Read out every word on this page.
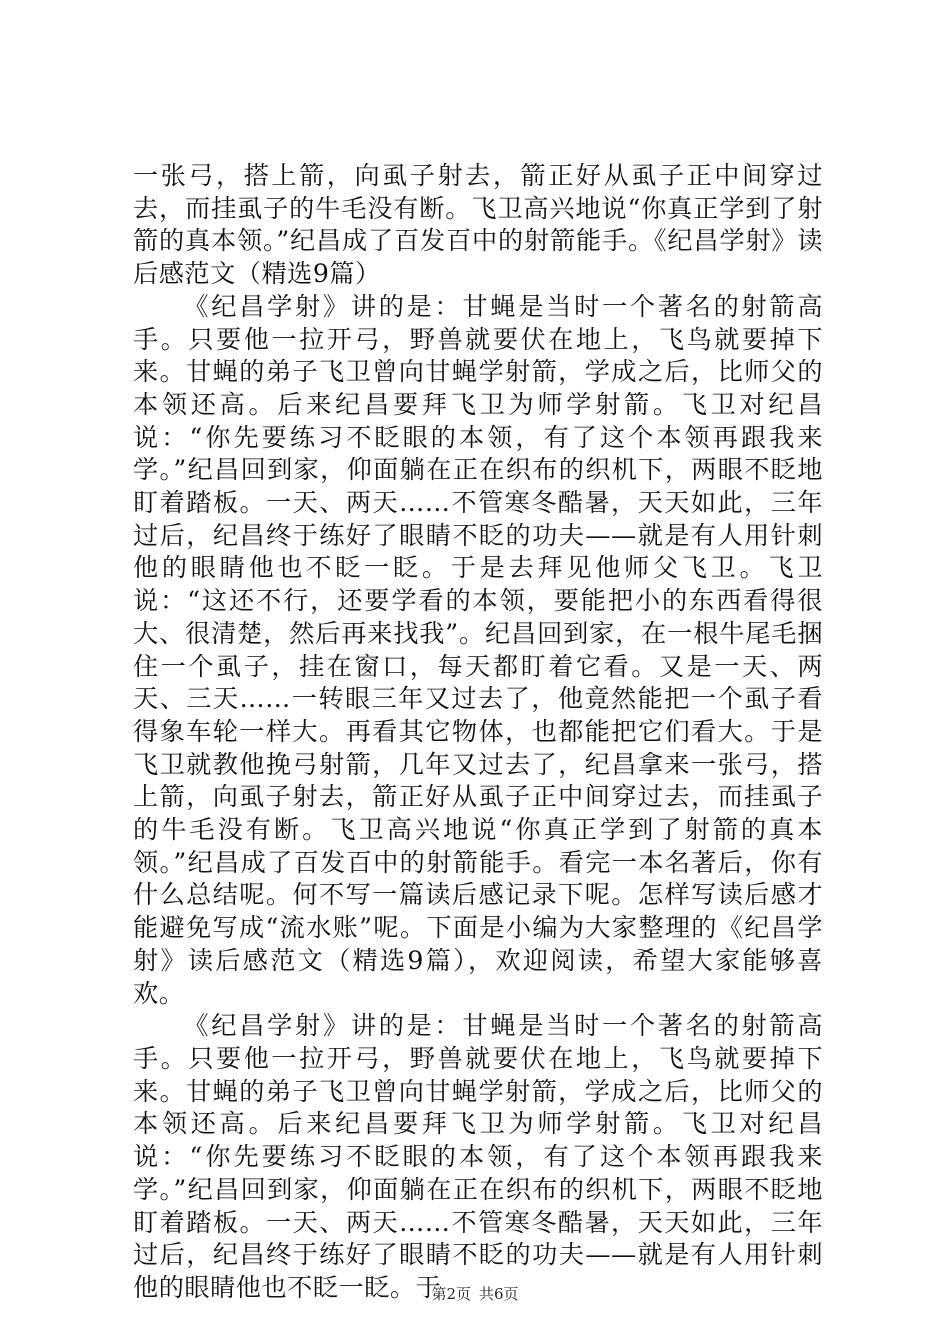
一张弓，搭上箭，向虱子射去，箭正好从虱子正中间穿过去，而挂虱子的牛毛没有断。飞卫高兴地说“你真正学到了射箭的真本领。”纪昌成了百发百中的射箭能手。《纪昌学射》读后感范文（精选9篇）

《纪昌学射》讲的是：甘蝇是当时一个著名的射箭高手。只要他一拉开弓，野兽就要伏在地上，飞鸟就要掉下来。甘蝇的弟子飞卫曾向甘蝇学射箭，学成之后，比师父的本领还高。后来纪昌要拜飞卫为师学射箭。飞卫对纪昌说：“你先要练习不眨眼的本领，有了这个本领再跟我来学。”纪昌回到家，仰面躺在正在织布的织机下，两眼不眨地盯着踏板。一天、两天……不管寒冬酷暑，天天如此，三年过后，纪昌终于练好了眼睛不眨的功夫——就是有人用针刺他的眼睛他也不眨一眨。于是去拜见他师父飞卫。飞卫说：“这还不行，还要学看的本领，要能把小的东西看得很大、很清楚，然后再来找我”。纪昌回到家，在一根牛尾毛捆住一个虱子，挂在窗口，每天都盯着它看。又是一天、两天、三天……一转眼三年又过去了，他竟然能把一个虱子看得象车轮一样大。再看其它物体，也都能把它们看大。于是飞卫就教他挽弓射箭，几年又过去了，纪昌拿来一张弓，搭上箭，向虱子射去，箭正好从虱子正中间穿过去，而挂虱子的牛毛没有断。飞卫高兴地说“你真正学到了射箭的真本领。”纪昌成了百发百中的射箭能手。看完一本名著后，你有什么总结呢。何不写一篇读后感记录下呢。怎样写读后感才能避免写成“流水账”呢。下面是小编为大家整理的《纪昌学射》读后感范文（精选9篇），欢迎阅读，希望大家能够喜欢。

《纪昌学射》讲的是：甘蝇是当时一个著名的射箭高手。只要他一拉开弓，野兽就要伏在地上，飞鸟就要掉下来。甘蝇的弟子飞卫曾向甘蝇学射箭，学成之后，比师父的本领还高。后来纪昌要拜飞卫为师学射箭。飞卫对纪昌说：“你先要练习不眨眼的本领，有了这个本领再跟我来学。”纪昌回到家，仰面躺在正在织布的织机下，两眼不眨地盯着踏板。一天、两天……不管寒冬酷暑，天天如此，三年过后，纪昌终于练好了眼睛不眨的功夫——就是有人用针刺他的眼睛他也不眨一眨。于

第2页 共6页
